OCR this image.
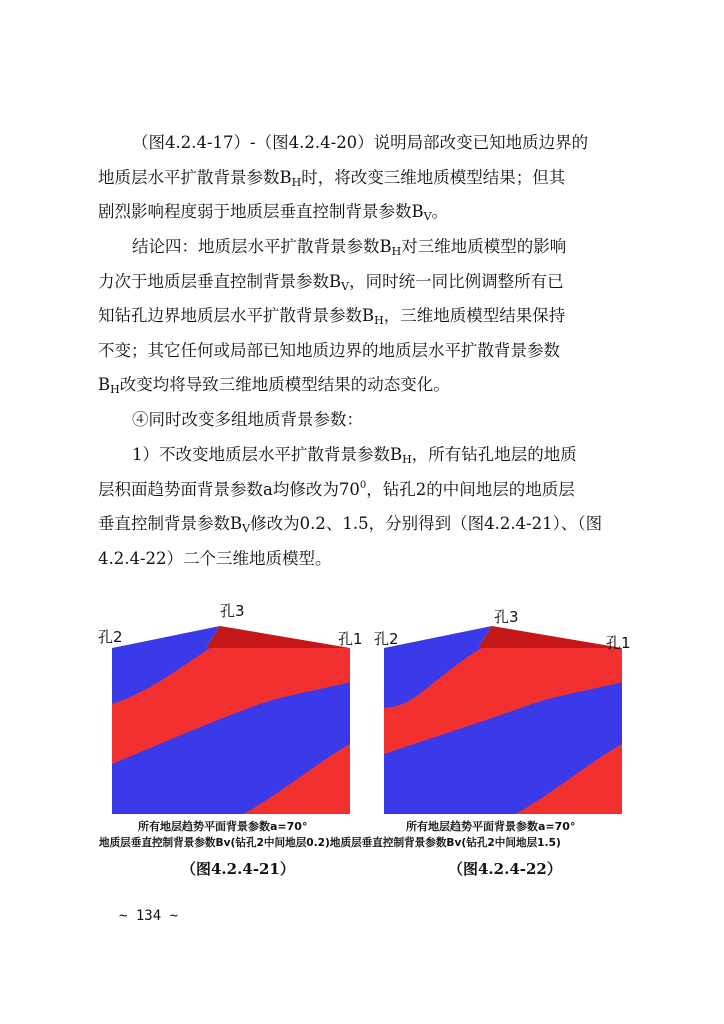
（图4.2.4-17）-（图4.2.4-20）说明局部改变已知地质边界的
地质层水平扩散背景参数$B_H$时，将改变三维地质模型结果；但其
剧烈影响程度弱于地质层垂直控制背景参数$B_V$。
结论四：地质层水平扩散背景参数$B_H$对三维地质模型的影响
力次于地质层垂直控制背景参数$B_V$，同时统一同比例调整所有已
知钻孔边界地质层水平扩散背景参数$B_H$，三维地质模型结果保持
不变；其它任何或局部已知地质边界的地质层水平扩散背景参数
$B_H$改变均将导致三维地质模型结果的动态变化。
④同时改变多组地质背景参数：
1）不改变地质层水平扩散背景参数$B_H$，所有钻孔地层的地质
层积面趋势面背景参数a均修改为$70^0$，钻孔2的中间地层的地质层
垂直控制背景参数$B_V$修改为0.2、1.5，分别得到（图4.2.4-21）、（图
4.2.4-22）二个三维地质模型。
孔2
孔3
孔1 孔2
孔3
孔1
所有地层趋势平面背景参数a=70°	所有地层趋势平面背景参数a=70°
地质层垂直控制背景参数Bv(钻孔2中间地层0.2)地质层垂直控制背景参数Bv(钻孔2中间地层1.5)
（图4.2.4-21）	（图4.2.4-22）
~ 134 ~
